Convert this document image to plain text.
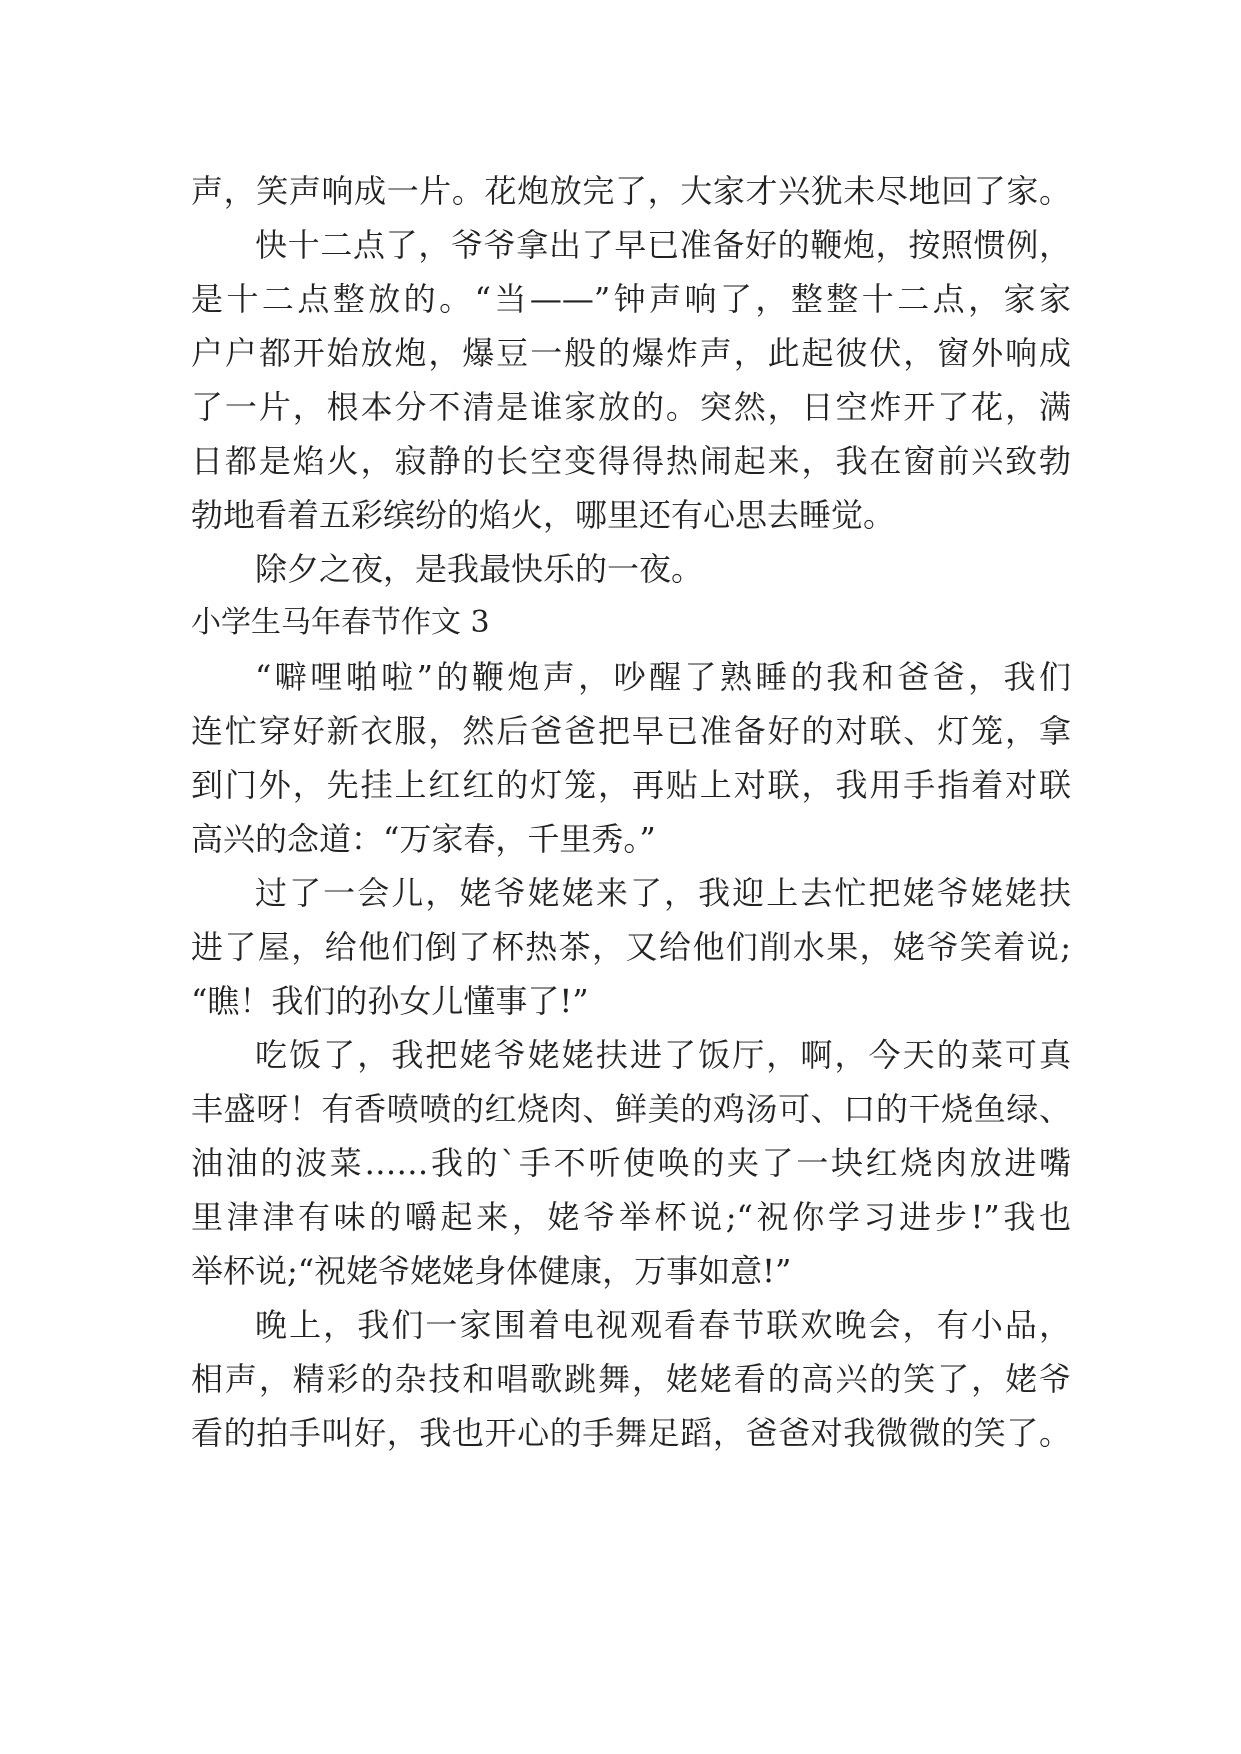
声，笑声响成一片。花炮放完了，大家才兴犹未尽地回了家。
快十二点了，爷爷拿出了早已准备好的鞭炮，按照惯例，
是十二点整放的。“当——”钟声响了，整整十二点，家家
户户都开始放炮，爆豆一般的爆炸声，此起彼伏，窗外响成
了一片，根本分不清是谁家放的。突然，日空炸开了花，满
日都是焰火，寂静的长空变得得热闹起来，我在窗前兴致勃
勃地看着五彩缤纷的焰火，哪里还有心思去睡觉。
除夕之夜，是我最快乐的一夜。
小学生马年春节作文 3
“噼哩啪啦”的鞭炮声，吵醒了熟睡的我和爸爸，我们
连忙穿好新衣服，然后爸爸把早已准备好的对联、灯笼，拿
到门外，先挂上红红的灯笼，再贴上对联，我用手指着对联
高兴的念道：“万家春，千里秀。”
过了一会儿，姥爷姥姥来了，我迎上去忙把姥爷姥姥扶
进了屋，给他们倒了杯热茶，又给他们削水果，姥爷笑着说;
“瞧！我们的孙女儿懂事了!”
吃饭了，我把姥爷姥姥扶进了饭厅，啊，今天的菜可真
丰盛呀！有香喷喷的红烧肉、鲜美的鸡汤可、口的干烧鱼绿、
油油的波菜……我的`手不听使唤的夹了一块红烧肉放进嘴
里津津有味的嚼起来，姥爷举杯说;“祝你学习进步!”我也
举杯说;“祝姥爷姥姥身体健康，万事如意!”
晚上，我们一家围着电视观看春节联欢晚会，有小品，
相声，精彩的杂技和唱歌跳舞，姥姥看的高兴的笑了，姥爷
看的拍手叫好，我也开心的手舞足蹈，爸爸对我微微的笑了。
